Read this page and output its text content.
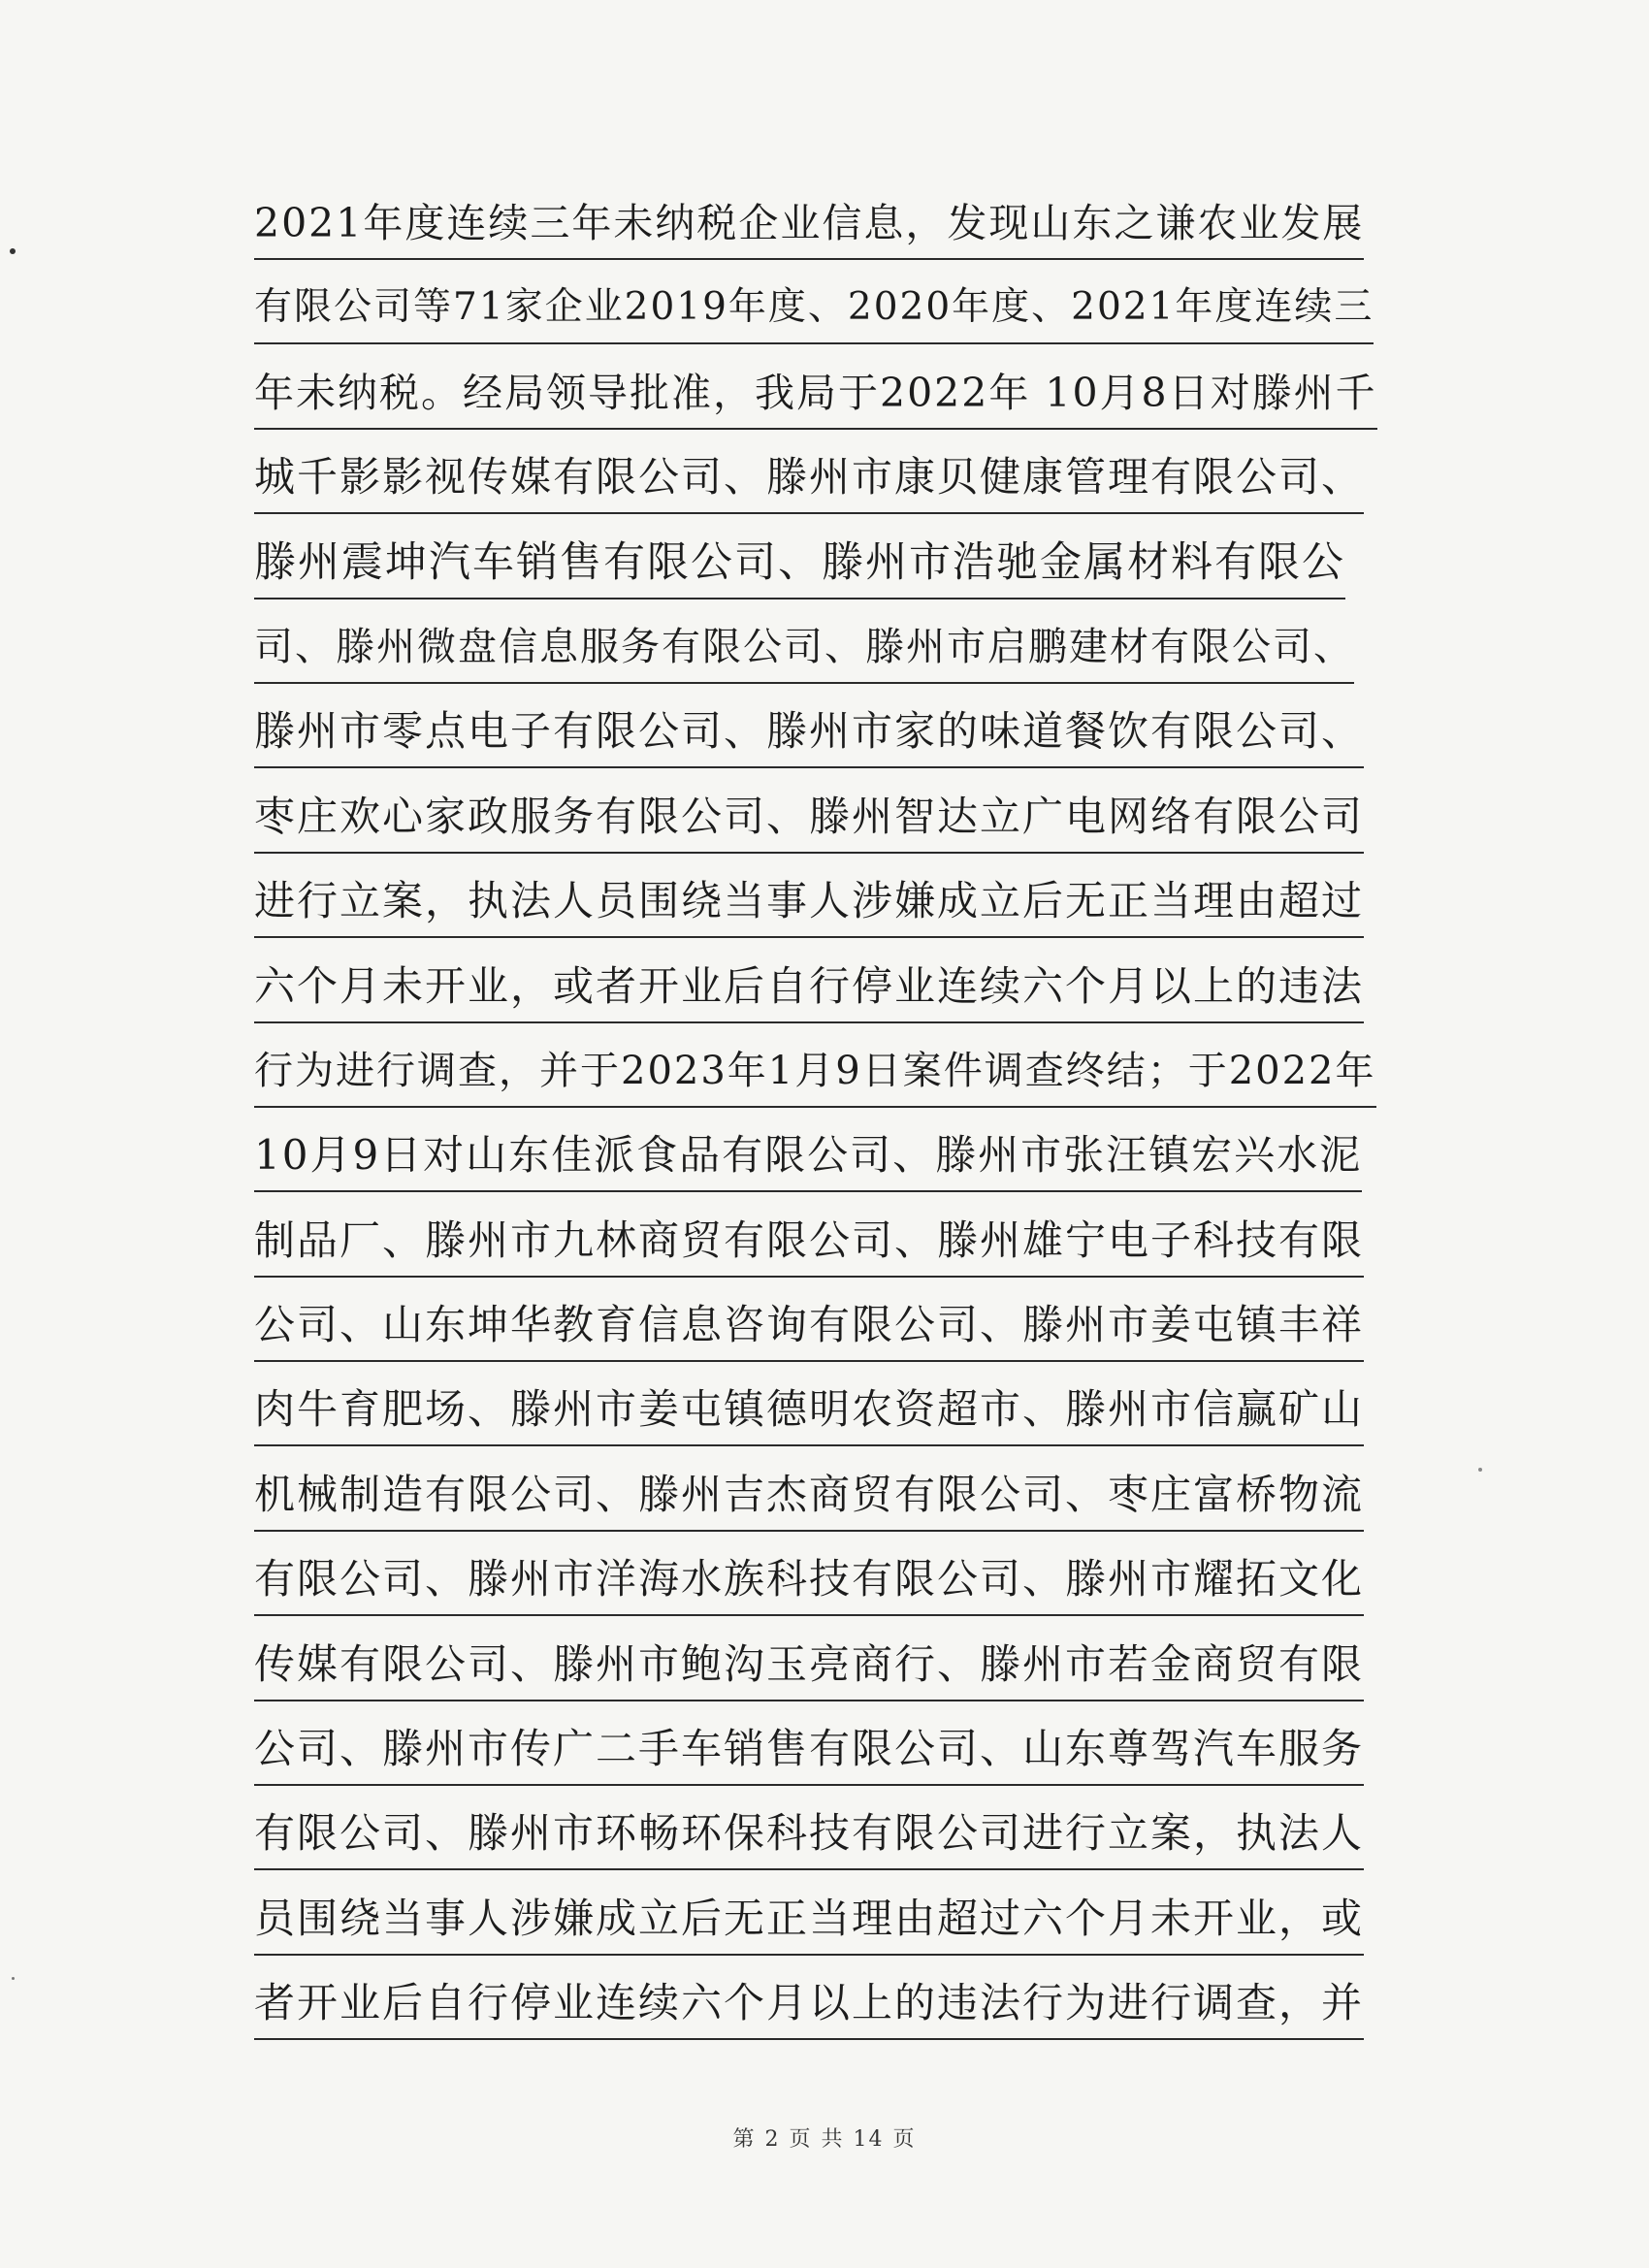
2021年度连续三年未纳税企业信息，发现山东之谦农业发展
有限公司等71家企业2019年度、2020年度、2021年度连续三
年未纳税。经局领导批准，我局于2022年 10月8日对滕州千
城千影影视传媒有限公司、滕州市康贝健康管理有限公司、
滕州震坤汽车销售有限公司、滕州市浩驰金属材料有限公
司、滕州微盘信息服务有限公司、滕州市启鹏建材有限公司、
滕州市零点电子有限公司、滕州市家的味道餐饮有限公司、
枣庄欢心家政服务有限公司、滕州智达立广电网络有限公司
进行立案，执法人员围绕当事人涉嫌成立后无正当理由超过
六个月未开业，或者开业后自行停业连续六个月以上的违法
行为进行调查，并于2023年1月9日案件调查终结；于2022年
10月9日对山东佳派食品有限公司、滕州市张汪镇宏兴水泥
制品厂、滕州市九林商贸有限公司、滕州雄宁电子科技有限
公司、山东坤华教育信息咨询有限公司、滕州市姜屯镇丰祥
肉牛育肥场、滕州市姜屯镇德明农资超市、滕州市信赢矿山
机械制造有限公司、滕州吉杰商贸有限公司、枣庄富桥物流
有限公司、滕州市洋海水族科技有限公司、滕州市耀拓文化
传媒有限公司、滕州市鲍沟玉亮商行、滕州市若金商贸有限
公司、滕州市传广二手车销售有限公司、山东尊驾汽车服务
有限公司、滕州市环畅环保科技有限公司进行立案，执法人
员围绕当事人涉嫌成立后无正当理由超过六个月未开业，或
者开业后自行停业连续六个月以上的违法行为进行调查，并
第 2 页 共 14 页
